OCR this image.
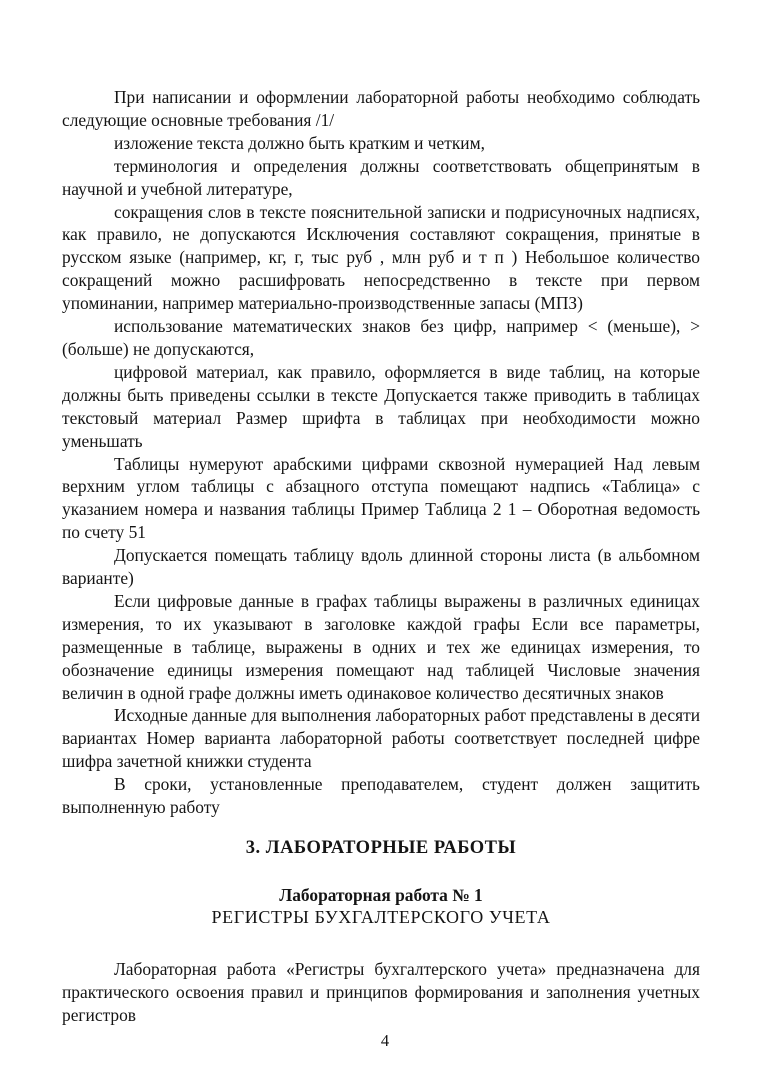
При написании и оформлении лабораторной работы необходимо соблюдать следующие основные требования /1/

изложение текста должно быть кратким и четким,

терминология и определения должны соответствовать общепринятым в научной и учебной литературе,

сокращения слов в тексте пояснительной записки и подрисуночных надписях, как правило, не допускаются Исключения составляют сокращения, принятые в русском языке (например, кг, г, тыс руб , млн руб и т п ) Небольшое количество сокращений можно расшифровать непосредственно в тексте при первом упоминании, например материально-производственные запасы (МПЗ)

использование математических знаков без цифр, например < (меньше), > (больше) не допускаются,

цифровой материал, как правило, оформляется в виде таблиц, на которые должны быть приведены ссылки в тексте Допускается также приводить в таблицах текстовый материал Размер шрифта в таблицах при необходимости можно уменьшать

Таблицы нумеруют арабскими цифрами сквозной нумерацией Над левым верхним углом таблицы с абзацного отступа помещают надпись «Таблица» с указанием номера и названия таблицы Пример Таблица 2 1 – Оборотная ведомость по счету 51

Допускается помещать таблицу вдоль длинной стороны листа (в альбомном варианте)

Если цифровые данные в графах таблицы выражены в различных единицах измерения, то их указывают в заголовке каждой графы Если все параметры, размещенные в таблице, выражены в одних и тех же единицах измерения, то обозначение единицы измерения помещают над таблицей Числовые значения величин в одной графе должны иметь одинаковое количество десятичных знаков

Исходные данные для выполнения лабораторных работ представлены в десяти вариантах Номер варианта лабораторной работы соответствует последней цифре шифра зачетной книжки студента

В сроки, установленные преподавателем, студент должен защитить выполненную работу

3. ЛАБОРАТОРНЫЕ РАБОТЫ
Лабораторная работа № 1
РЕГИСТРЫ БУХГАЛТЕРСКОГО УЧЕТА

Лабораторная работа «Регистры бухгалтерского учета» предназначена для практического освоения правил и принципов формирования и заполнения учетных регистров

4
